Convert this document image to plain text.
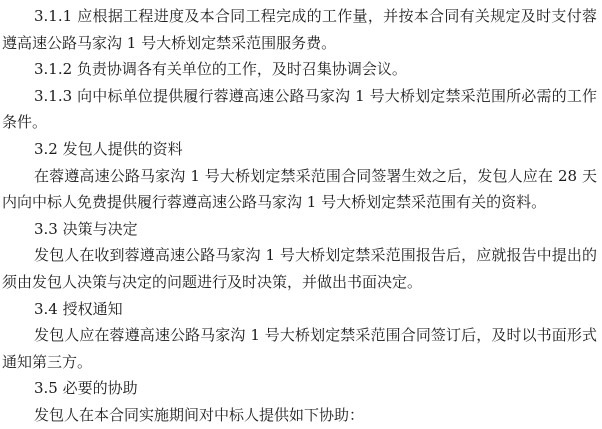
3.1.1 应根据工程进度及本合同工程完成的工作量，并按本合同有关规定及时支付蓉遵高速公路马家沟 1 号大桥划定禁采范围服务费。

3.1.2 负责协调各有关单位的工作，及时召集协调会议。

3.1.3 向中标单位提供履行蓉遵高速公路马家沟 1 号大桥划定禁采范围所必需的工作条件。

3.2 发包人提供的资料

在蓉遵高速公路马家沟 1 号大桥划定禁采范围合同签署生效之后，发包人应在 28 天内向中标人免费提供履行蓉遵高速公路马家沟 1 号大桥划定禁采范围有关的资料。

3.3 决策与决定

发包人在收到蓉遵高速公路马家沟 1 号大桥划定禁采范围报告后，应就报告中提出的须由发包人决策与决定的问题进行及时决策，并做出书面决定。

3.4 授权通知

发包人应在蓉遵高速公路马家沟 1 号大桥划定禁采范围合同签订后，及时以书面形式通知第三方。

3.5 必要的协助

发包人在本合同实施期间对中标人提供如下协助：
